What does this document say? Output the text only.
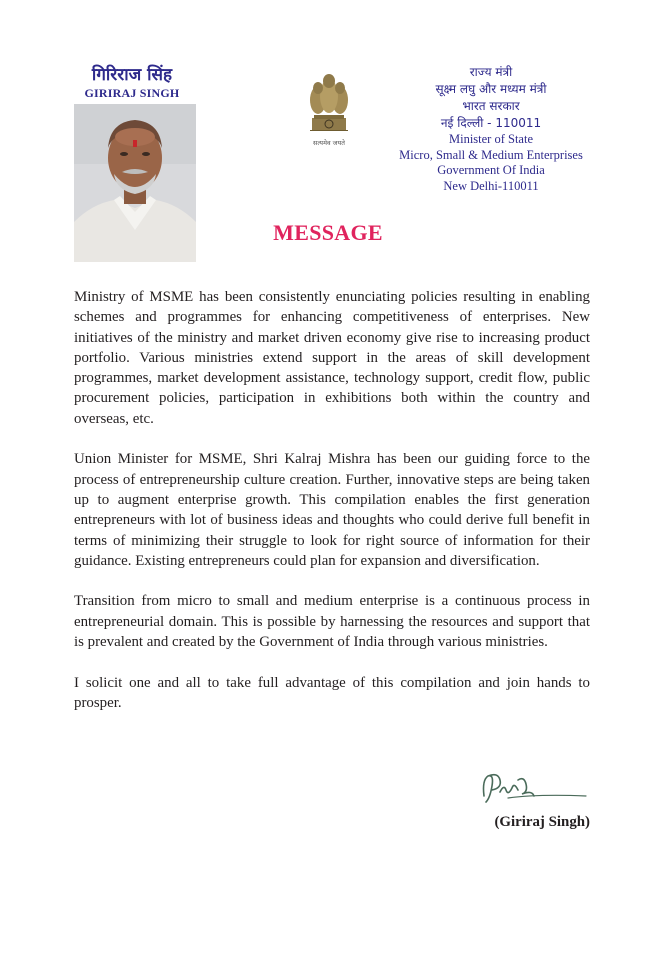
गिरिराज सिंह
GIRIRAJ SINGH
सत्यमेव जयते
राज्य मंत्री
सूक्ष्म लघु और मध्यम मंत्री
भारत सरकार
नई दिल्ली - 110011
Minister of State
Micro, Small & Medium Enterprises
Government Of India
New Delhi-110011
MESSAGE

Ministry of MSME has been consistently enunciating policies resulting in enabling schemes and programmes for enhancing competitiveness of enterprises. New initiatives of the ministry and market driven economy give rise to increasing product portfolio. Various ministries extend support in the areas of skill development programmes, market development assistance, technology support, credit flow, public procurement policies, participation in exhibitions both within the country and overseas, etc.

Union Minister for MSME, Shri Kalraj Mishra has been our guiding force to the process of entrepreneurship culture creation. Further, innovative steps are being taken up to augment enterprise growth. This compilation enables the first generation entrepreneurs with lot of business ideas and thoughts who could derive full benefit in terms of minimizing their struggle to look for right source of information for their guidance. Existing entrepreneurs could plan for expansion and diversification.

Transition from micro to small and medium enterprise is a continuous process in entrepreneurial domain. This is possible by harnessing the resources and support that is prevalent and created by the Government of India through various ministries.

I solicit one and all to take full advantage of this compilation and join hands to prosper.

(Giriraj Singh)
